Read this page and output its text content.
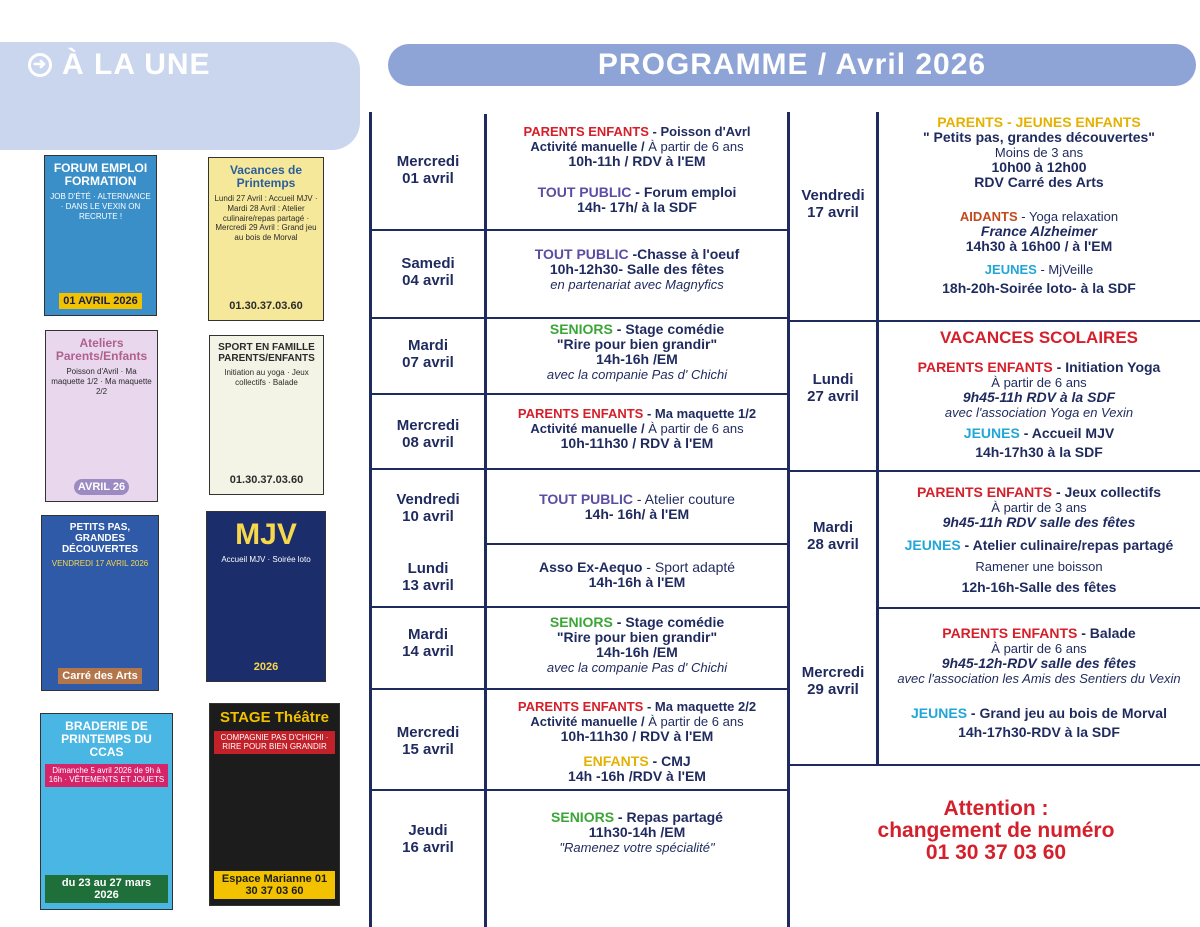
➜ À LA UNE	PROGRAMME / Avril 2026
FORUM EMPLOI FORMATION
JOB D'ÉTÉ · ALTERNANCE · DANS LE VEXIN ON RECRUTE !
01 AVRIL 2026
Vacances de Printemps
Lundi 27 Avril : Accueil MJV · Mardi 28 Avril : Atelier culinaire/repas partagé · Mercredi 29 Avril : Grand jeu au bois de Morval
01.30.37.03.60
Ateliers Parents/Enfants
Poisson d'Avril · Ma maquette 1/2 · Ma maquette 2/2
AVRIL 26
SPORT EN FAMILLE PARENTS/ENFANTS
Initiation au yoga · Jeux collectifs · Balade
01.30.37.03.60
PETITS PAS, GRANDES DÉCOUVERTES
VENDREDI 17 AVRIL 2026
Carré des Arts
MJV
Accueil MJV · Soirée loto
2026
BRADERIE DE PRINTEMPS DU CCAS
Dimanche 5 avril 2026 de 9h à 16h · VÊTEMENTS ET JOUETS
du 23 au 27 mars 2026
STAGE Théâtre
COMPAGNIE PAS D'CHICHI · RIRE POUR BIEN GRANDIR
Espace Marianne 01 30 37 03 60
Mercredi
01 avril
Samedi
04 avril
Mardi
07 avril
Mercredi
08 avril
Vendredi
10 avril
Lundi
13 avril
Mardi
14 avril
Mercredi
15 avril
Jeudi
16 avril
Vendredi
17 avril
Lundi
27 avril
Mardi
28 avril
Mercredi
29 avril
PARENTS ENFANTS - Poisson d'Avrl
Activité manuelle / À partir de 6 ans
10h-11h / RDV à l'EM
TOUT PUBLIC - Forum emploi
14h- 17h/ à la SDF
TOUT PUBLIC -Chasse à l'oeuf
10h-12h30- Salle des fêtes
en partenariat avec Magnyfics
SENIORS - Stage comédie
"Rire pour bien grandir"
14h-16h /EM
avec la companie Pas d' Chichi
PARENTS ENFANTS - Ma maquette 1/2
Activité manuelle / À partir de 6 ans
10h-11h30 / RDV à l'EM
TOUT PUBLIC - Atelier couture
14h- 16h/ à l'EM
Asso Ex-Aequo - Sport adapté
14h-16h à l'EM
SENIORS - Stage comédie
"Rire pour bien grandir"
14h-16h /EM
avec la companie Pas d' Chichi
PARENTS ENFANTS - Ma maquette 2/2
Activité manuelle / À partir de 6 ans
10h-11h30 / RDV à l'EM
ENFANTS - CMJ
14h -16h /RDV à l'EM
SENIORS - Repas partagé
11h30-14h /EM
"Ramenez votre spécialité"
PARENTS - JEUNES ENFANTS
" Petits pas, grandes découvertes"
Moins de 3 ans
10h00 à 12h00
RDV Carré des Arts
AIDANTS - Yoga relaxation
France Alzheimer
14h30 à 16h00 / à l'EM
JEUNES - MjVeille
18h-20h-Soirée loto- à la SDF
VACANCES SCOLAIRES
PARENTS ENFANTS - Initiation Yoga
À partir de 6 ans
9h45-11h RDV à la SDF
avec l'association Yoga en Vexin
JEUNES - Accueil MJV
14h-17h30 à la SDF
PARENTS ENFANTS - Jeux collectifs
À partir de 3 ans
9h45-11h RDV salle des fêtes
JEUNES - Atelier culinaire/repas partagé
Ramener une boisson
12h-16h-Salle des fêtes
PARENTS ENFANTS - Balade
À partir de 6 ans
9h45-12h-RDV salle des fêtes
avec l'association les Amis des Sentiers du Vexin
JEUNES - Grand jeu au bois de Morval
14h-17h30-RDV à la SDF
Attention :
changement de numéro
01 30 37 03 60
